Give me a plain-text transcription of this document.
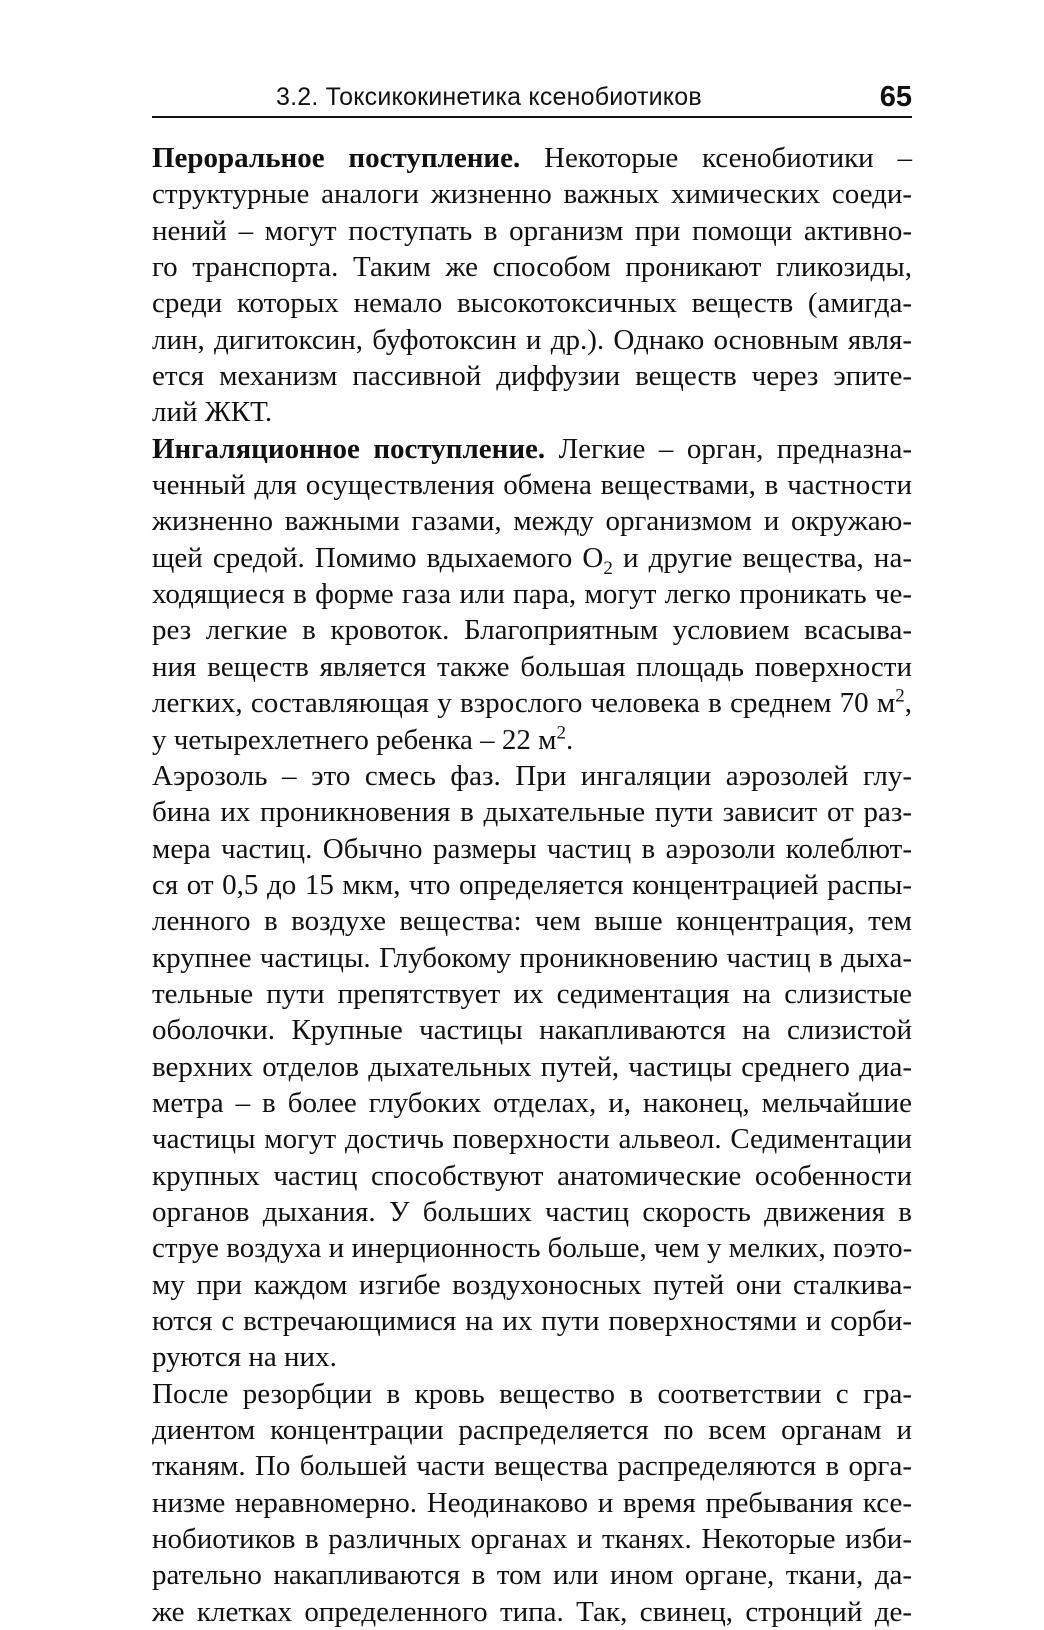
3.2. Токсикокинетика ксенобиотиков	65

Пероральное поступление. Некоторые ксенобиотики –
структурные аналоги жизненно важных химических соеди-
нений – могут поступать в организм при помощи активно-
го транспорта. Таким же способом проникают гликозиды,
среди которых немало высокотоксичных веществ (амигда-
лин, дигитоксин, буфотоксин и др.). Однако основным явля-
ется механизм пассивной диффузии веществ через эпите-
лий ЖКТ.

Ингаляционное поступление. Легкие – орган, предназна-
ченный для осуществления обмена веществами, в частности
жизненно важными газами, между организмом и окружаю-
щей средой. Помимо вдыхаемого $O_2$ и другие вещества, на-
ходящиеся в форме газа или пара, могут легко проникать че-
рез легкие в кровоток. Благоприятным условием всасыва-
ния веществ является также большая площадь поверхности
легких, составляющая у взрослого человека в среднем 70 $м^2$,
у четырехлетнего ребенка – 22 $м^2$.

Аэрозоль – это смесь фаз. При ингаляции аэрозолей глу-
бина их проникновения в дыхательные пути зависит от раз-
мера частиц. Обычно размеры частиц в аэрозоли колеблют-
ся от 0,5 до 15 мкм, что определяется концентрацией распы-
ленного в воздухе вещества: чем выше концентрация, тем
крупнее частицы. Глубокому проникновению частиц в дыха-
тельные пути препятствует их седиментация на слизистые
оболочки. Крупные частицы накапливаются на слизистой
верхних отделов дыхательных путей, частицы среднего диа-
метра – в более глубоких отделах, и, наконец, мельчайшие
частицы могут достичь поверхности альвеол. Седиментации
крупных частиц способствуют анатомические особенности
органов дыхания. У больших частиц скорость движения в
струе воздуха и инерционность больше, чем у мелких, поэто-
му при каждом изгибе воздухоносных путей они сталкива-
ются с встречающимися на их пути поверхностями и сорби-
руются на них.

После резорбции в кровь вещество в соответствии с гра-
диентом концентрации распределяется по всем органам и
тканям. По большей части вещества распределяются в орга-
низме неравномерно. Неодинаково и время пребывания ксе-
нобиотиков в различных органах и тканях. Некоторые изби-
рательно накапливаются в том или ином органе, ткани, да-
же клетках определенного типа. Так, свинец, стронций де-
